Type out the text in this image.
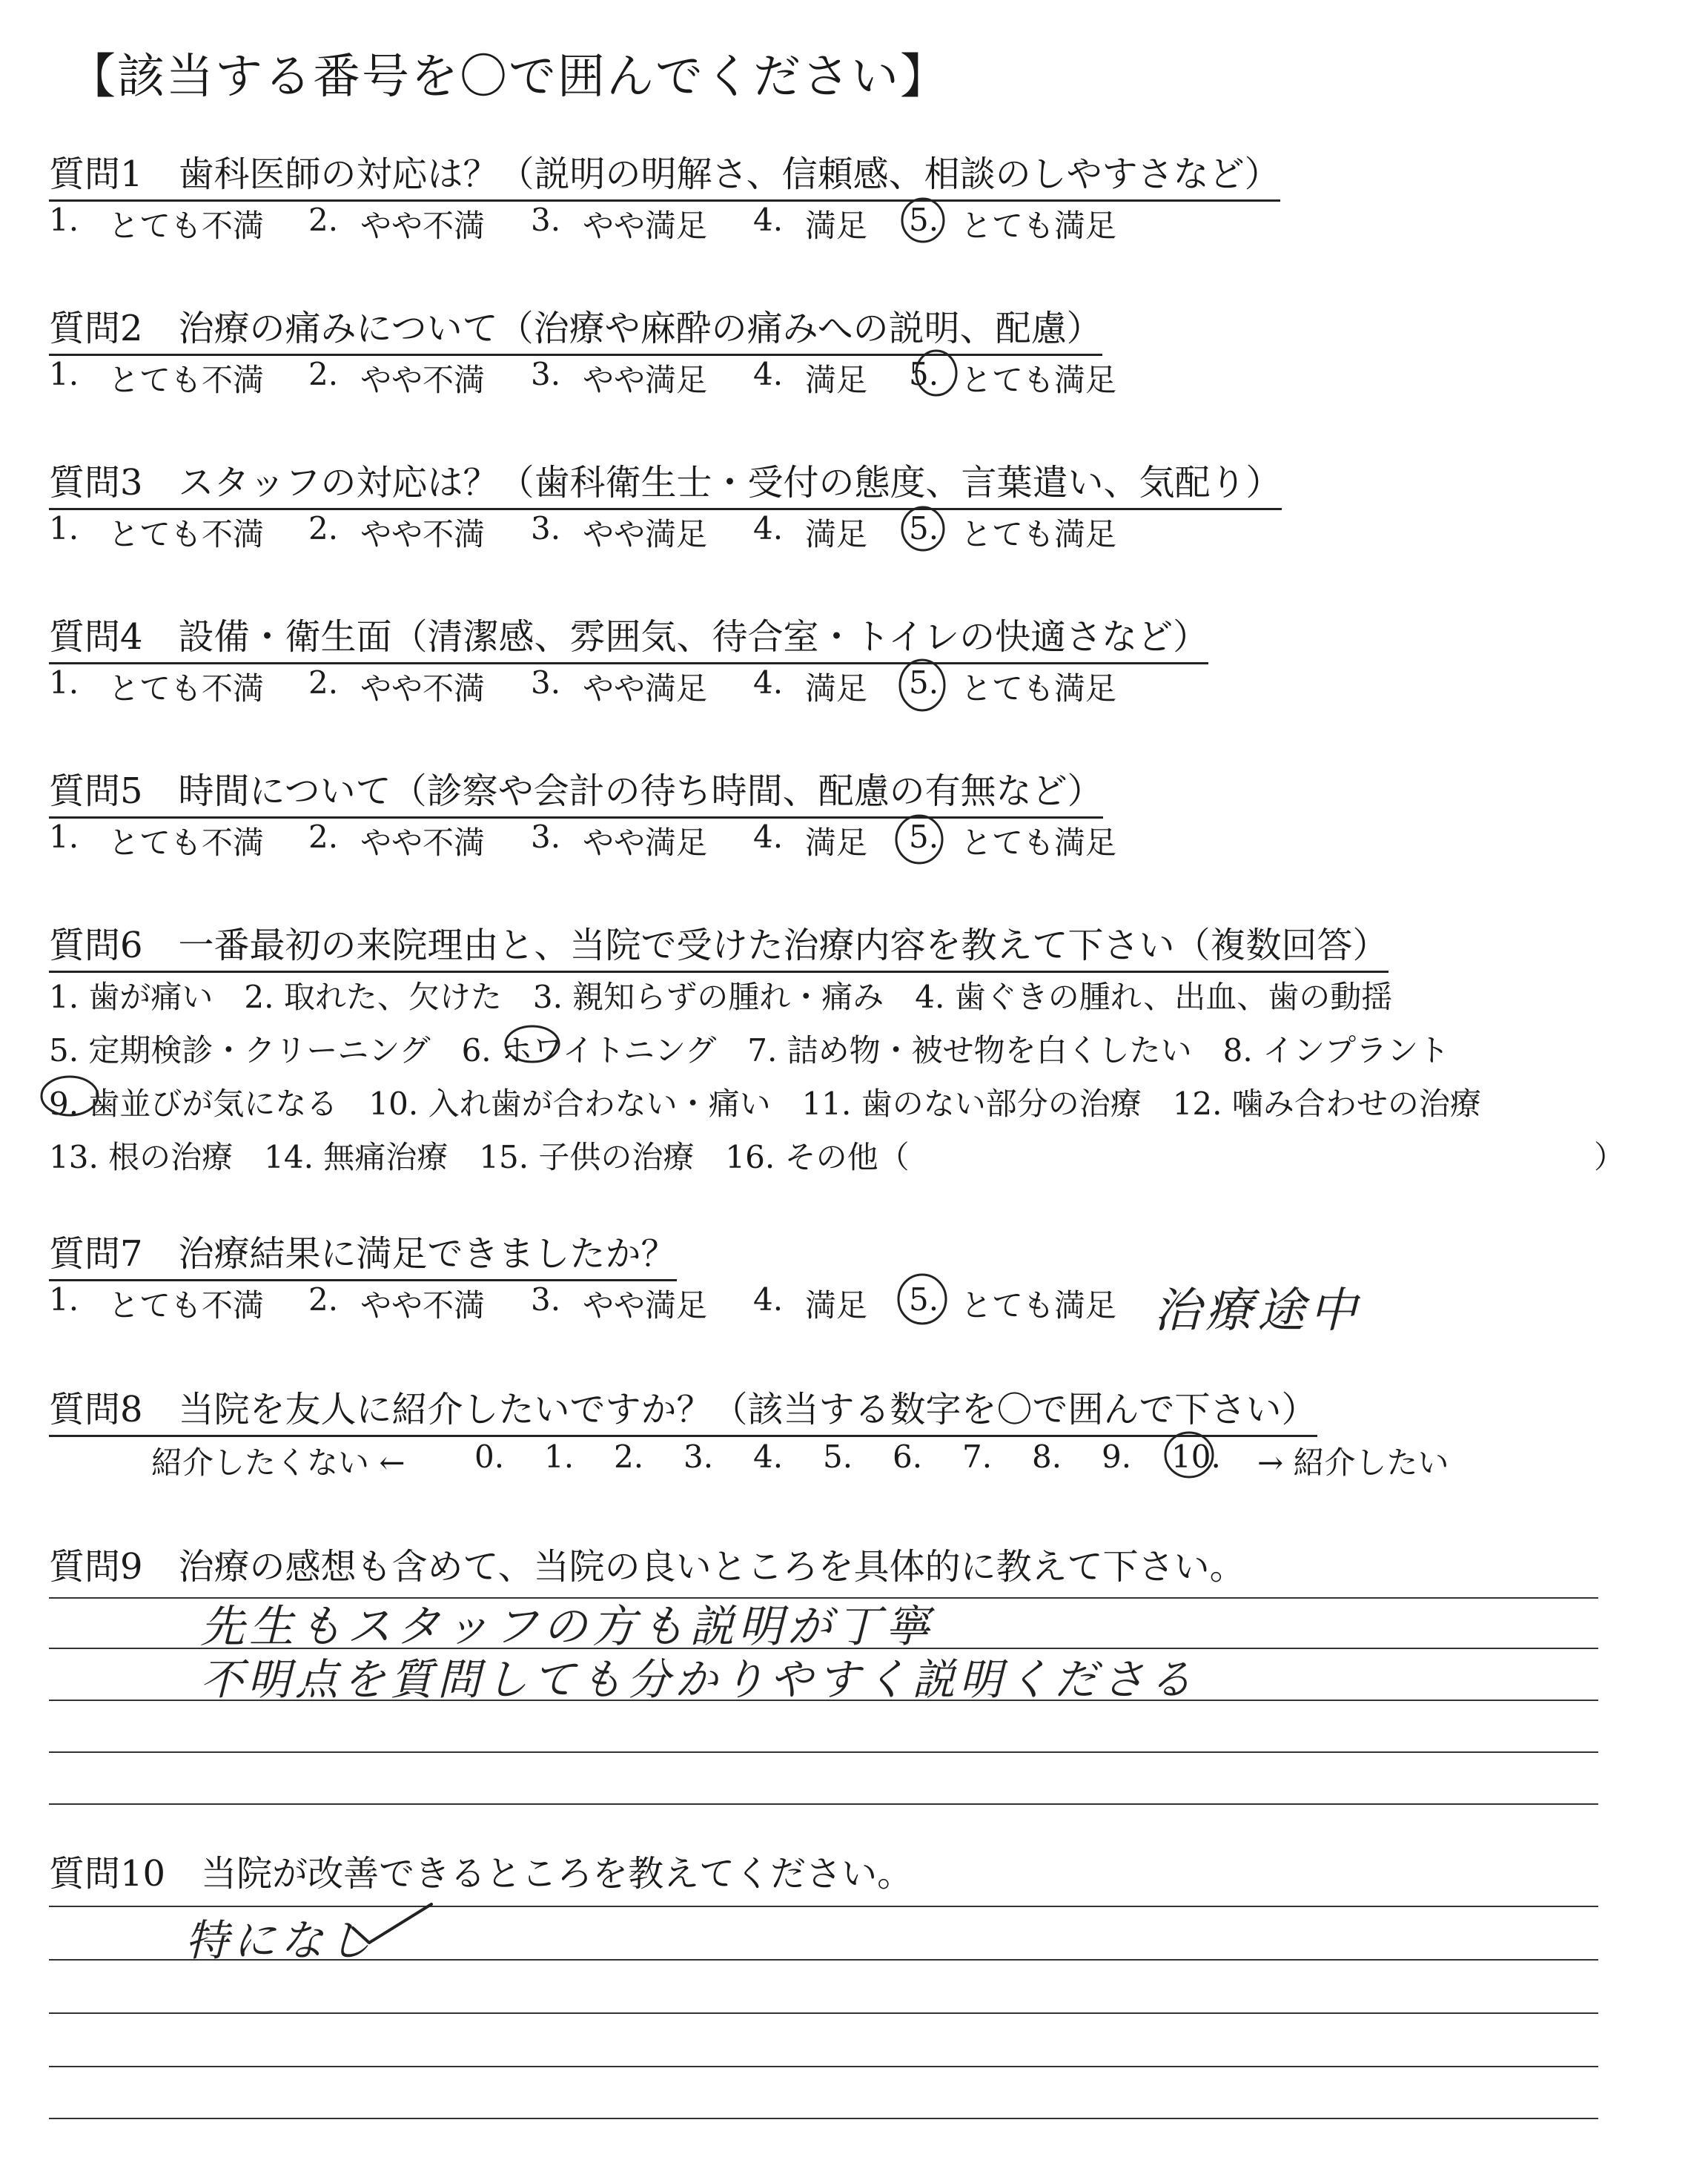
【該当する番号を〇で囲んでください】
質問1　歯科医師の対応は？（説明の明解さ、信頼感、相談のしやすさなど）
1. とても不満 2. やや不満 3. やや満足 4. 満足 5. とても満足
質問2　治療の痛みについて（治療や麻酔の痛みへの説明、配慮）
1. とても不満 2. やや不満 3. やや満足 4. 満足 5. とても満足
質問3　スタッフの対応は？（歯科衛生士・受付の態度、言葉遣い、気配り）
1. とても不満 2. やや不満 3. やや満足 4. 満足 5. とても満足
質問4　設備・衛生面（清潔感、雰囲気、待合室・トイレの快適さなど）
1. とても不満 2. やや不満 3. やや満足 4. 満足 5. とても満足
質問5　時間について（診察や会計の待ち時間、配慮の有無など）
1. とても不満 2. やや不満 3. やや満足 4. 満足 5. とても満足
質問6　一番最初の来院理由と、当院で受けた治療内容を教えて下さい（複数回答）
1. 歯が痛い　2. 取れた、欠けた　3. 親知らずの腫れ・痛み　4. 歯ぐきの腫れ、出血、歯の動揺
5. 定期検診・クリーニング　6. ホワイトニング　7. 詰め物・被せ物を白くしたい　8. インプラント
9. 歯並びが気になる　10. 入れ歯が合わない・痛い　11. 歯のない部分の治療　12. 噛み合わせの治療
13. 根の治療　14. 無痛治療　15. 子供の治療　16. その他（	）
質問7　治療結果に満足できましたか？
1. とても不満 2. やや不満 3. やや満足 4. 満足 5. とても満足 治療途中
質問8　当院を友人に紹介したいですか？（該当する数字を〇で囲んで下さい）
紹介したくない ← 0. 1. 2. 3. 4. 5. 6. 7. 8. 9. 10. → 紹介したい
質問9　治療の感想も含めて、当院の良いところを具体的に教えて下さい。
先生もスタッフの方も説明が丁寧
不明点を質問しても分かりやすく説明くださる
質問10　当院が改善できるところを教えてください。
特になし
